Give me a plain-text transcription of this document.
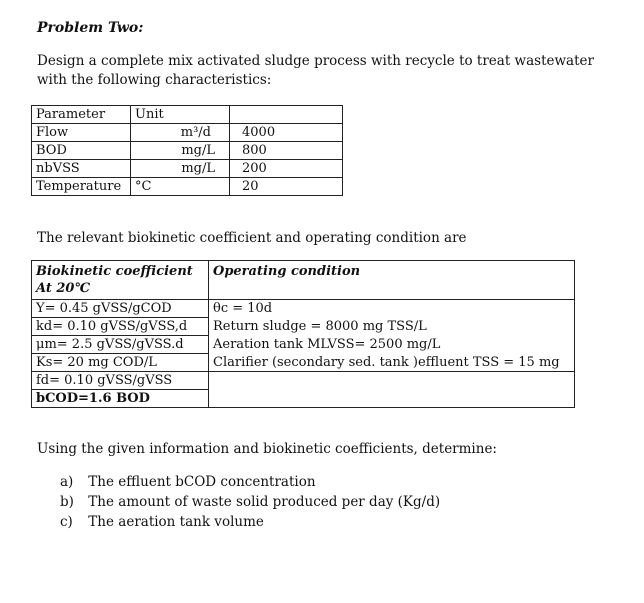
Problem Two:
Design a complete mix activated sludge process with recycle to treat wastewater with the following characteristics:
Parameter	Unit	
Flow	m³/d	4000
BOD	mg/L	800
nbVSS	mg/L	200
Temperature	°C	20
The relevant biokinetic coefficient and operating condition are
Biokinetic coefficient
At 20℃	Operating condition

Y= 0.45 gVSS/gCOD	θc = 10d
kd= 0.10 gVSS/gVSS,d	Return sludge = 8000 mg TSS/L
μm= 2.5 gVSS/gVSS.d	Aeration tank MLVSS= 2500 mg/L
Ks= 20 mg COD/L	Clarifier (secondary sed. tank )effluent TSS = 15 mg
fd= 0.10 gVSS/gVSS	
bCOD=1.6 BOD	
Using the given information and biokinetic coefficients, determine:
a) The effluent bCOD concentration
b) The amount of waste solid produced per day (Kg/d)
c) The aeration tank volume
